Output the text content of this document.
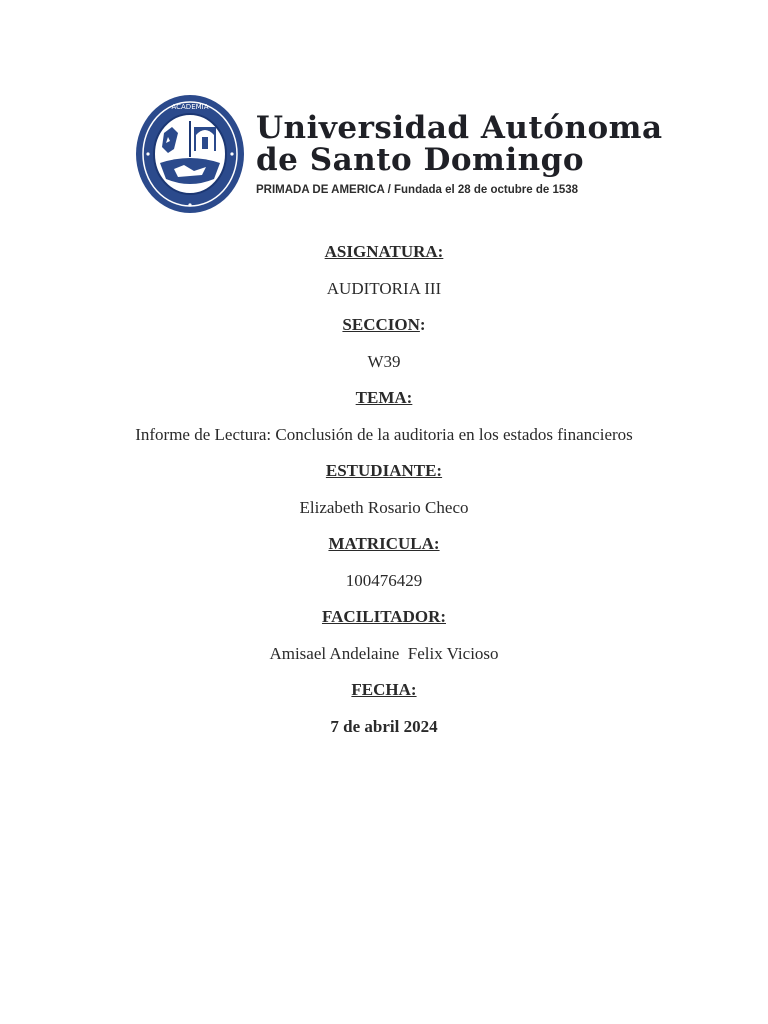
ACADEMIA
Universidad Autónoma
de Santo Domingo
PRIMADA DE AMERICA / Fundada el 28 de octubre de 1538

ASIGNATURA:

AUDITORIA III

SECCION:

W39

TEMA:

Informe de Lectura: Conclusión de la auditoria en los estados financieros

ESTUDIANTE:

Elizabeth Rosario Checo

MATRICULA:

100476429

FACILITADOR:

Amisael Andelaine  Felix Vicioso

FECHA:

7 de abril 2024
